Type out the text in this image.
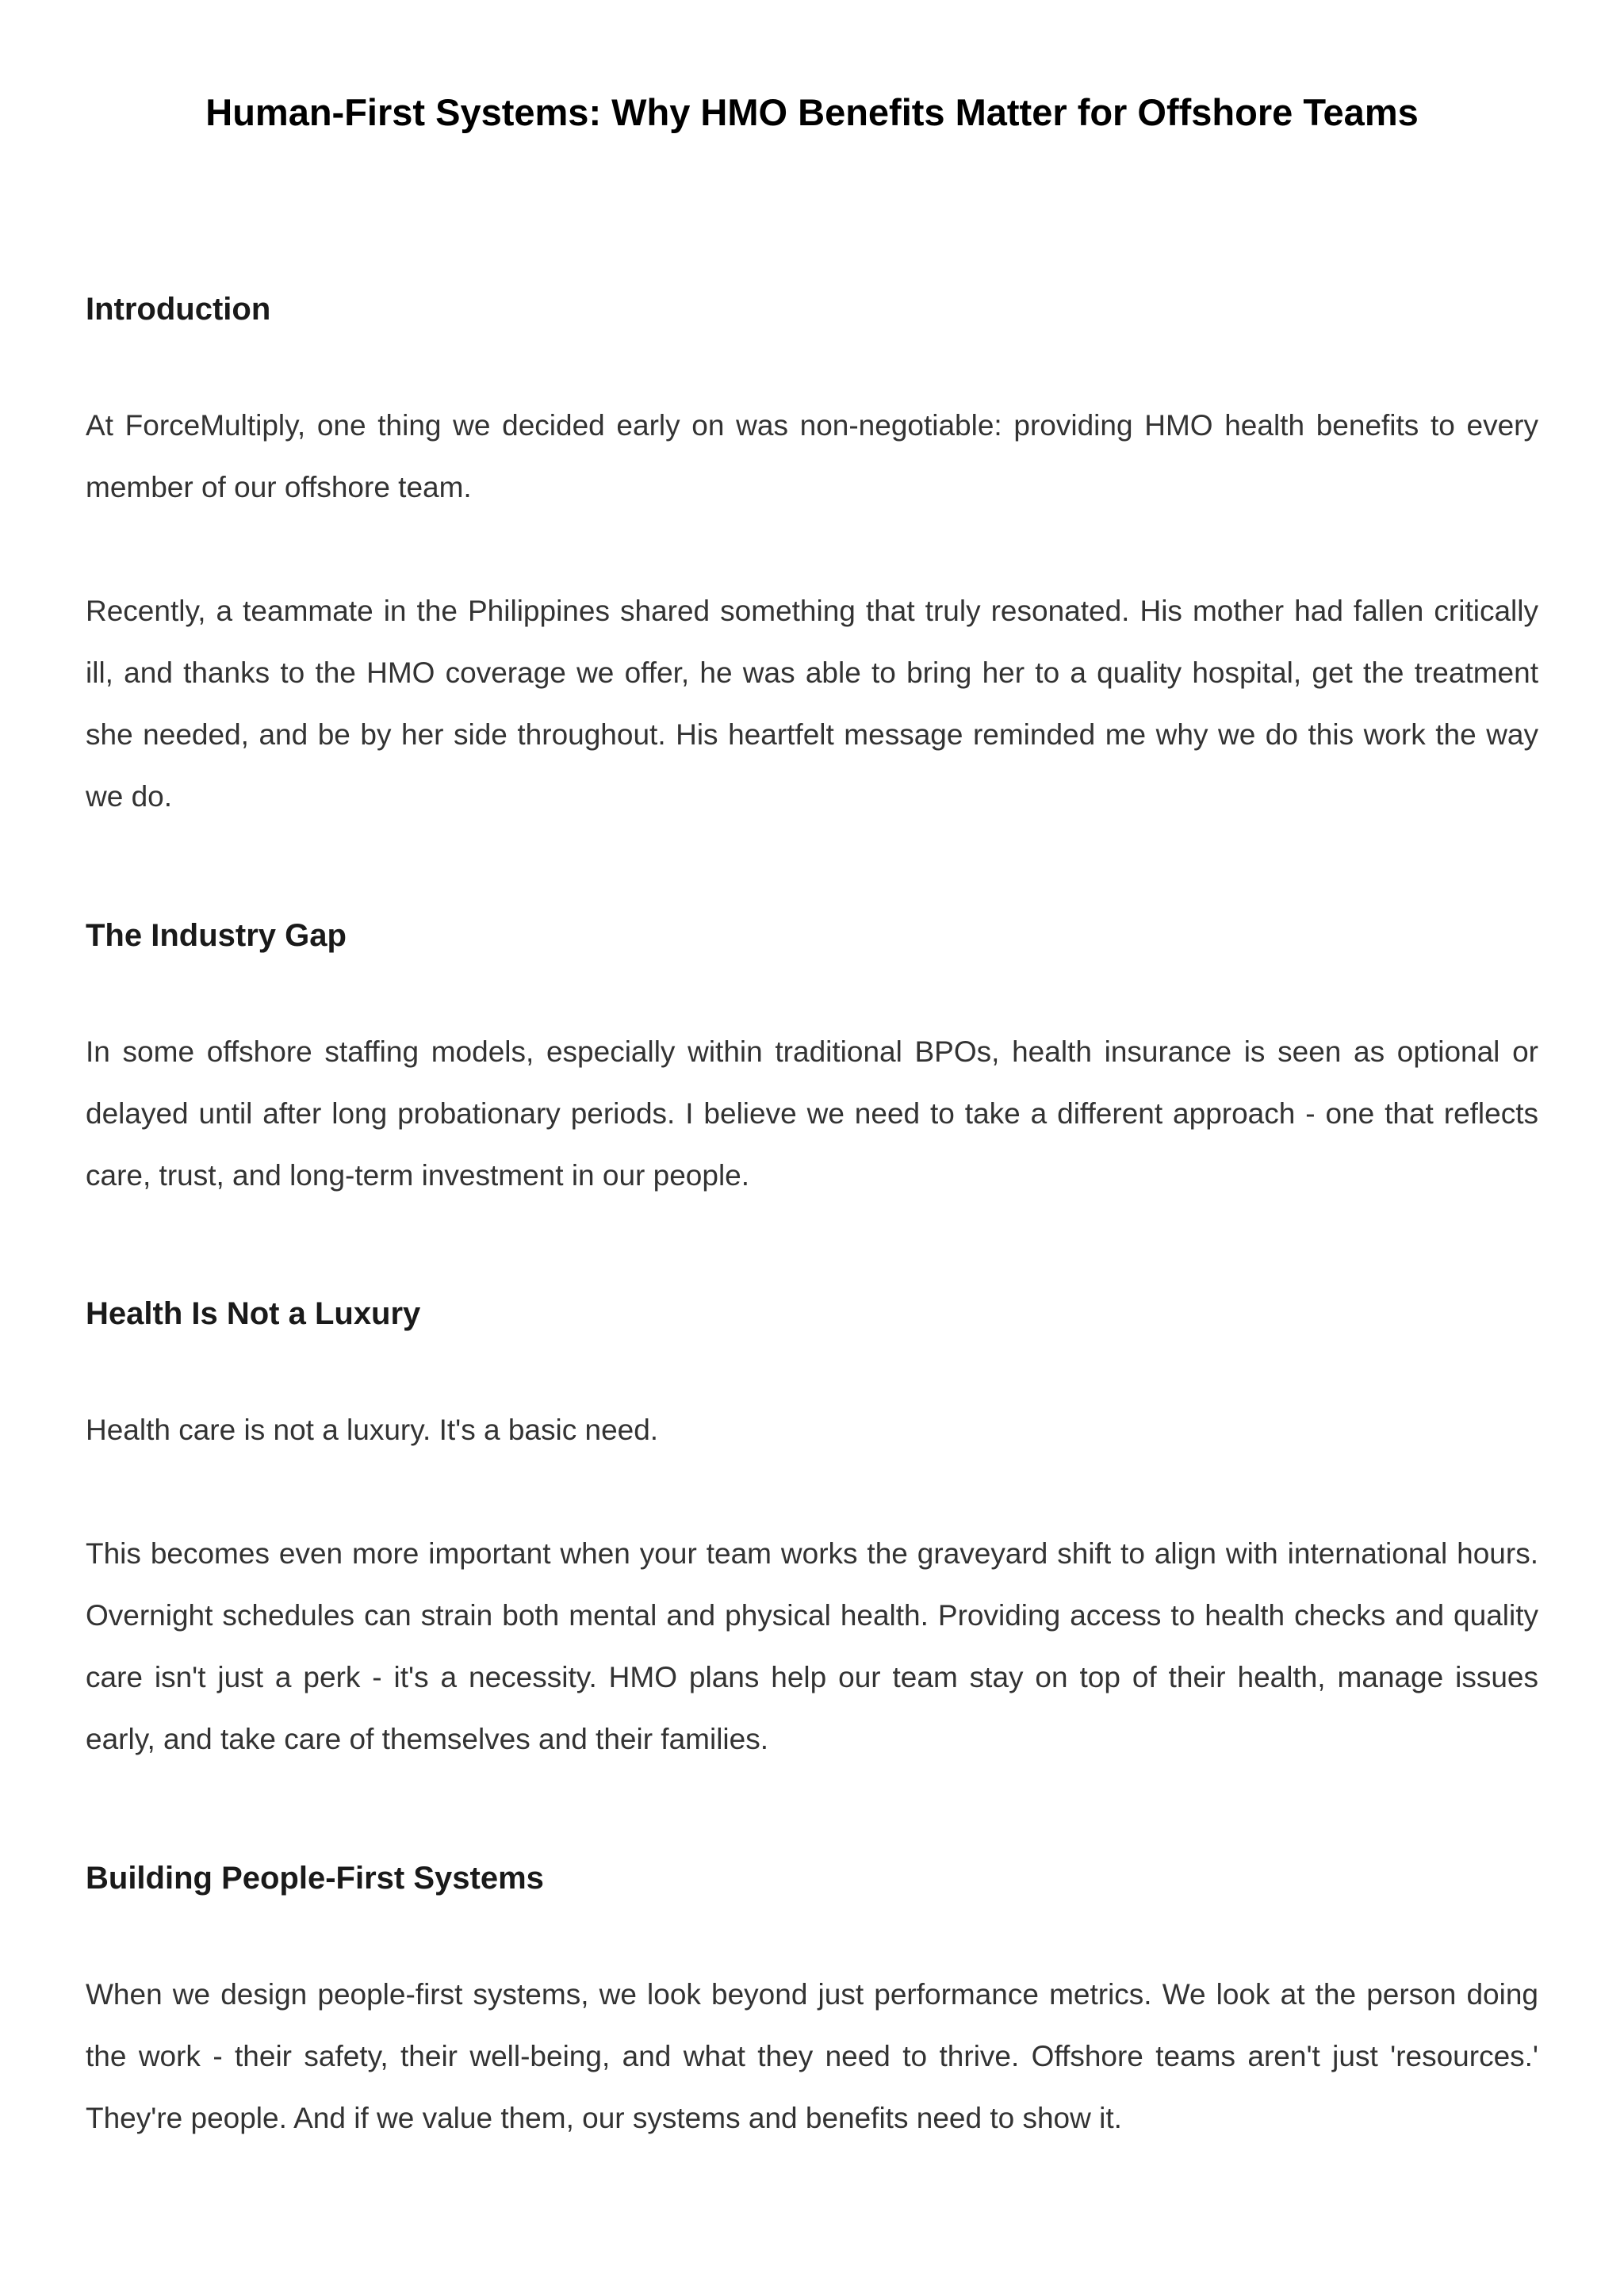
Human-First Systems: Why HMO Benefits Matter for Offshore Teams
Introduction

At ForceMultiply, one thing we decided early on was non-negotiable: providing HMO health benefits to every member of our offshore team.

Recently, a teammate in the Philippines shared something that truly resonated. His mother had fallen critically ill, and thanks to the HMO coverage we offer, he was able to bring her to a quality hospital, get the treatment she needed, and be by her side throughout. His heartfelt message reminded me why we do this work the way we do.

The Industry Gap

In some offshore staffing models, especially within traditional BPOs, health insurance is seen as optional or delayed until after long probationary periods. I believe we need to take a different approach - one that reflects care, trust, and long-term investment in our people.

Health Is Not a Luxury

Health care is not a luxury. It's a basic need.

This becomes even more important when your team works the graveyard shift to align with international hours. Overnight schedules can strain both mental and physical health. Providing access to health checks and quality care isn't just a perk - it's a necessity. HMO plans help our team stay on top of their health, manage issues early, and take care of themselves and their families.

Building People-First Systems

When we design people-first systems, we look beyond just performance metrics. We look at the person doing the work - their safety, their well-being, and what they need to thrive. Offshore teams aren't just 'resources.' They're people. And if we value them, our systems and benefits need to show it.
